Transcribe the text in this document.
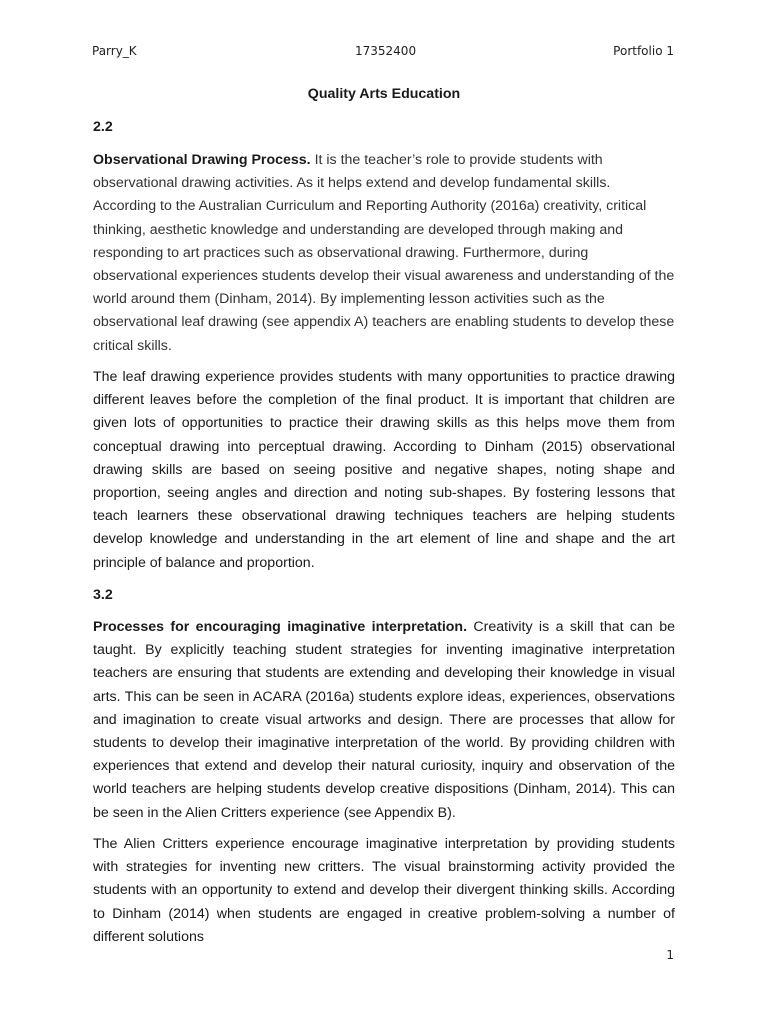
Parry_K	17352400	Portfolio 1
Quality Arts Education
2.2

Observational Drawing Process. It is the teacher’s role to provide students with observational drawing activities. As it helps extend and develop fundamental skills. According to the Australian Curriculum and Reporting Authority (2016a) creativity, critical thinking, aesthetic knowledge and understanding are developed through making and responding to art practices such as observational drawing. Furthermore, during observational experiences students develop their visual awareness and understanding of the world around them (Dinham, 2014). By implementing lesson activities such as the observational leaf drawing (see appendix A) teachers are enabling students to develop these critical skills.

The leaf drawing experience provides students with many opportunities to practice drawing different leaves before the completion of the final product. It is important that children are given lots of opportunities to practice their drawing skills as this helps move them from conceptual drawing into perceptual drawing. According to Dinham (2015) observational drawing skills are based on seeing positive and negative shapes, noting shape and proportion, seeing angles and direction and noting sub-shapes. By fostering lessons that teach learners these observational drawing techniques teachers are helping students develop knowledge and understanding in the art element of line and shape and the art principle of balance and proportion.

3.2

Processes for encouraging imaginative interpretation. Creativity is a skill that can be taught. By explicitly teaching student strategies for inventing imaginative interpretation teachers are ensuring that students are extending and developing their knowledge in visual arts. This can be seen in ACARA (2016a) students explore ideas, experiences, observations and imagination to create visual artworks and design. There are processes that allow for students to develop their imaginative interpretation of the world. By providing children with experiences that extend and develop their natural curiosity, inquiry and observation of the world teachers are helping students develop creative dispositions (Dinham, 2014). This can be seen in the Alien Critters experience (see Appendix B).

The Alien Critters experience encourage imaginative interpretation by providing students with strategies for inventing new critters. The visual brainstorming activity provided the students with an opportunity to extend and develop their divergent thinking skills. According to Dinham (2014) when students are engaged in creative problem-solving a number of different solutions

1
